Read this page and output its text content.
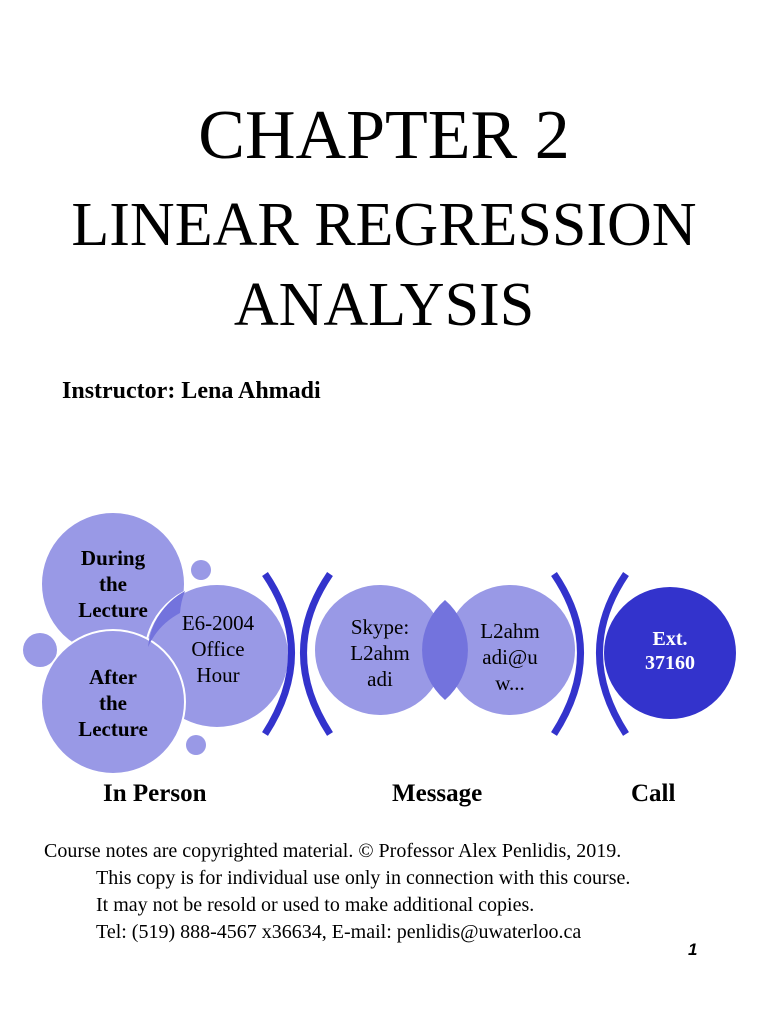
CHAPTER 2
LINEAR REGRESSION
ANALYSIS
Instructor: Lena Ahmadi
During
the
Lecture
After
the
Lecture
E6-2004
Office
Hour
Skype:
L2ahm
adi
L2ahm
adi@u
w...
Ext.
37160
In Person	Message	Call
Course notes are copyrighted material. © Professor Alex Penlidis, 2019.
This copy is for individual use only in connection with this course.
It may not be resold or used to make additional copies.
Tel: (519) 888-4567 x36634, E-mail: penlidis@uwaterloo.ca
1
